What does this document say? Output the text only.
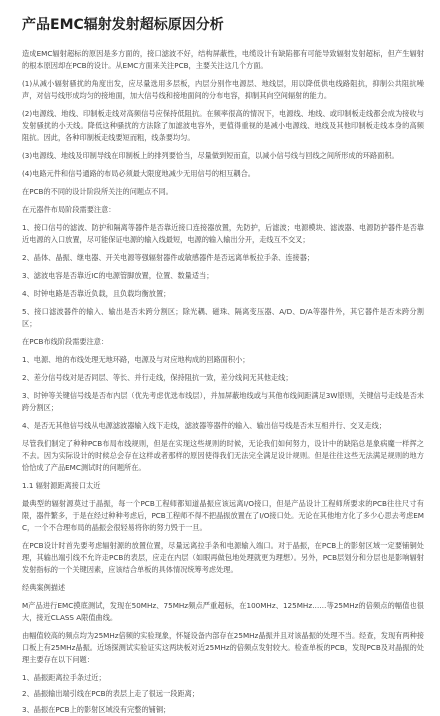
产品EMC辐射发射超标原因分析

造成EMC辐射超标的原因是多方面的，接口滤波不好，结构屏蔽性，电缆设计有缺陷都有可能导致辐射发射超标，但产生辐射的根本原因却在PCB的设计。从EMC方面来关注PCB，主要关注这几个方面。

(1)从减小辐射骚扰的角度出发，应尽量选用多层板，内层分别作电源层、地线层，用以降低供电线路阻抗，抑制公共阻抗噪声，对信号线形成均匀的接地面，加大信号线和接地面间的分布电容，抑制其向空间辐射的能力。

(2)电源线、地线、印制板走线对高频信号应保持低阻抗。在频率很高的情况下，电源线、地线、或印制板走线都会成为接收与发射骚扰的小天线。降低这种骚扰的方法除了加滤波电容外，更值得重视的是减小电源线、地线及其他印制板走线本身的高频阻抗。因此，各种印制板走线要短而粗，线条要均匀。

(3)电源线、地线及印制导线在印制板上的排列要恰当，尽量做到短而直，以减小信号线与回线之间所形成的环路面积。

(4)电路元件和信号通路的布局必须最大限度地减少无用信号的相互耦合。

在PCB的不同的设计阶段所关注的问题点不同。

在元器件布局阶段需要注意：

1、接口信号的滤波、防护和隔离等器件是否靠近接口连接器放置，先防护，后滤波；电源模块、滤波器、电源防护器件是否靠近电源的入口放置，尽可能保证电源的输入线最短，电源的输入输出分开，走线互不交叉；

2、晶体、晶振、继电器、开关电源等强辐射器件或敏感器件是否远离单板拉手条、连接器；

3、滤波电容是否靠近IC的电源管脚放置，位置、数量适当；

4、时钟电路是否靠近负载，且负载均衡放置；

5、接口滤波器件的输入、输出是否未跨分割区；除光耦、磁珠、隔离变压器、A/D、D/A等器件外，其它器件是否未跨分割区；

在PCB布线阶段需要注意：

1、电源、地的布线处理无地环路，电源及与对应地构成的回路面积小；

2、差分信号线对是否同层、等长、并行走线，保持阻抗一致，差分线间无其他走线；

3、时钟等关键信号线是否布内层（优先考虑优选布线层），并加屏蔽地线或与其他布线间距满足3W原则，关键信号走线是否未跨分割区；

4、是否无其他信号线从电源滤波器输入线下走线，滤波器等器件的输入、输出信号线是否未互相并行、交叉走线；

尽管我们制定了种种PCB布局布线规则，但是在实现这些规则的时候，无论我们如何努力，设计中的缺陷总是象病魔一样挥之不去。因为实际设计的时候总会存在这样或者那样的原因使得我们无法完全满足设计规则。但是往往这些无法满足规则的地方恰恰成了产品EMC测试时的问题所在。

1.1 辐射源距离接口太近

最典型的辐射源莫过于晶振，每一个PCB工程师都知道晶振应该远离I/O接口，但是产品设计工程师所要求的PCB往往尺寸有限，器件繁多，于是在经过种种考虑后，PCB工程师不得不把晶振放置在了I/O接口处。无论在其他地方化了多少心思去考虑EMC，一个不合理布局的晶振会很轻易将你的努力毁于一旦。

在PCB设计时首先要考虑辐射源的放置位置，尽量远离拉手条和电源输入端口。对于晶振，在PCB上的影射区域一定要铺铜处理，其输出端引线不允许走PCB的表层，应走在内层（如眼再做包地处理就更为理想）。另外，PCB层划分和分层也是影响辐射发射指标的一个关键因素，应该结合单板的具体情况统筹考虑处理。

经典案例描述

M产品进行EMC摸底测试，发现在50MHz、75MHz频点严重超标，在100MHz、125MHz……等25MHz的倍频点的幅值也很大，接近CLASS A限值曲线。

由幅值较高的频点均为25MHz倍频的实验现象，怀疑设备内部存在25MHz晶振并且对该晶振的处理不当。经查，发现有两种接口板上有25MHz晶振。近场探测试实验证实这两块板对近25MHz的倍频点发射较大。检查单板的PCB，发现PCB及对晶振的处理主要存在以下问题：

1、晶振距离拉手条过近；

2、晶振输出端引线在PCB的表层上走了很远一段距离；

3、晶振在PCB上的影射区域没有完整的铺铜；
